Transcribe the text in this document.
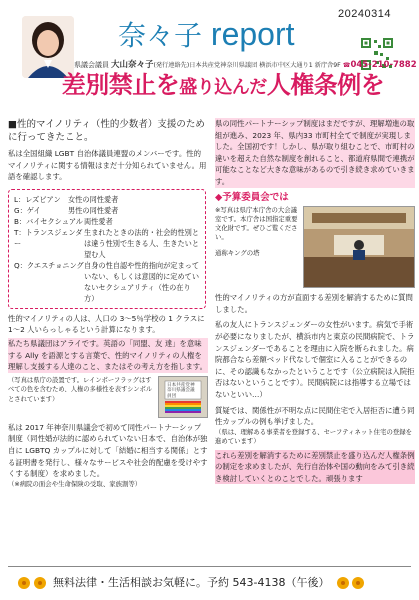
20240314
奈々子 report
県議会議員 大山奈々子(発行連絡先)日本共産党神奈川県議団 横浜市中区大通り1 新庁舎9F ☎045-210-7882
差別禁止を盛り込んだ人権条例を
■性的マイノリティ（性的少数者）支援のために行ってきたこと。
私は全国組織 LGBT 自治体議員連盟のメンバーです。性的マイノリティに関する情報はまだ十分知られていません。用語を確認します。
L：レズビアン	女性の同性愛者
G：ゲイ	男性の同性愛者
B：バイセクシュアル 両性愛者
T：トランスジェンダー
生まれたときの法的・社会的性別とは違う性別で生きる人、生きたいと望む人
Q：クエスチョニング 自身の性自認や性的指向が定まっていない、もしくは意図的に定めていないセクシュアリティ（性の在り方）
性的マイノリティの人は、人口の 3～5％学校の 1 クラスに 1～2 人いらっしゃるという計算になります。
私たち県議団はアライです。英語の「同盟、友 達」を意味する Ally を語源とする言葉で、性的マイノリティの人権を理解し支援する人達のこと、またはその考え方を指します。
（写真は県庁の設置です。レインボーフラッグはすべての色を含むため、人権の多様性を表すシンボルとされています）
日本共産党神奈川県議会議員団
私は 2017 年神奈川県議会で初めて同性パートナーシップ制度（同性婚が法的に認められていない日本で、自治体が独自に LGBTQ カップルに対して「結婚に相当する関係」とする証明書を発行し、様々なサービスや社会的配慮を受けやすくする制度）を求めました。
（※病院の面会や生命保険の受取、家族割等）
県の同性パートナーシップ制度はまだですが、理解増進の取組が進み、2023 年、県内33 市町村全てで制度が実現しました。全国初です！しかし、県が取り組むことで、市町村の違いを超えた自然な制度を創れること、都道府県間で連携が可能なことなど大きな意味があるので引き続き求めていきます。
◆予算委員会では
※写真は県庁本庁舎の大会議室です。本庁舎は国指定重要文化財です。ぜひご覧ください。
通称キングの塔
性的マイノリティの方が直面する差別を解消するために質問しました。
私の友人にトランスジェンダーの女性がいます。病気で手術が必要になりましたが、横浜市内と東京の民間病院で、トランスジェンダーであることを理由に入院を断られました。病院都合なら差額ベッド代なしで個室に入ることができるのに、その認識もなかったということです（公立病院は入院拒否はないということです）。民間病院には指導する立場ではないといい…）
質疑では、関係性が不明な点に民間住宅で入居拒否に遭う同性カップルの例も挙げました。
（県は、理解ある事業者を登録する、セーフティネット住宅の登録を進めています）
これら差別を解消するために差別禁止を盛り込んだ人権条例の制定を求めましたが、先行自治体や国の動向をみて引き続き検討していくとのことでした。頑張ります
無料法律・生活相談お気軽に。予約 543-4138（午後）
